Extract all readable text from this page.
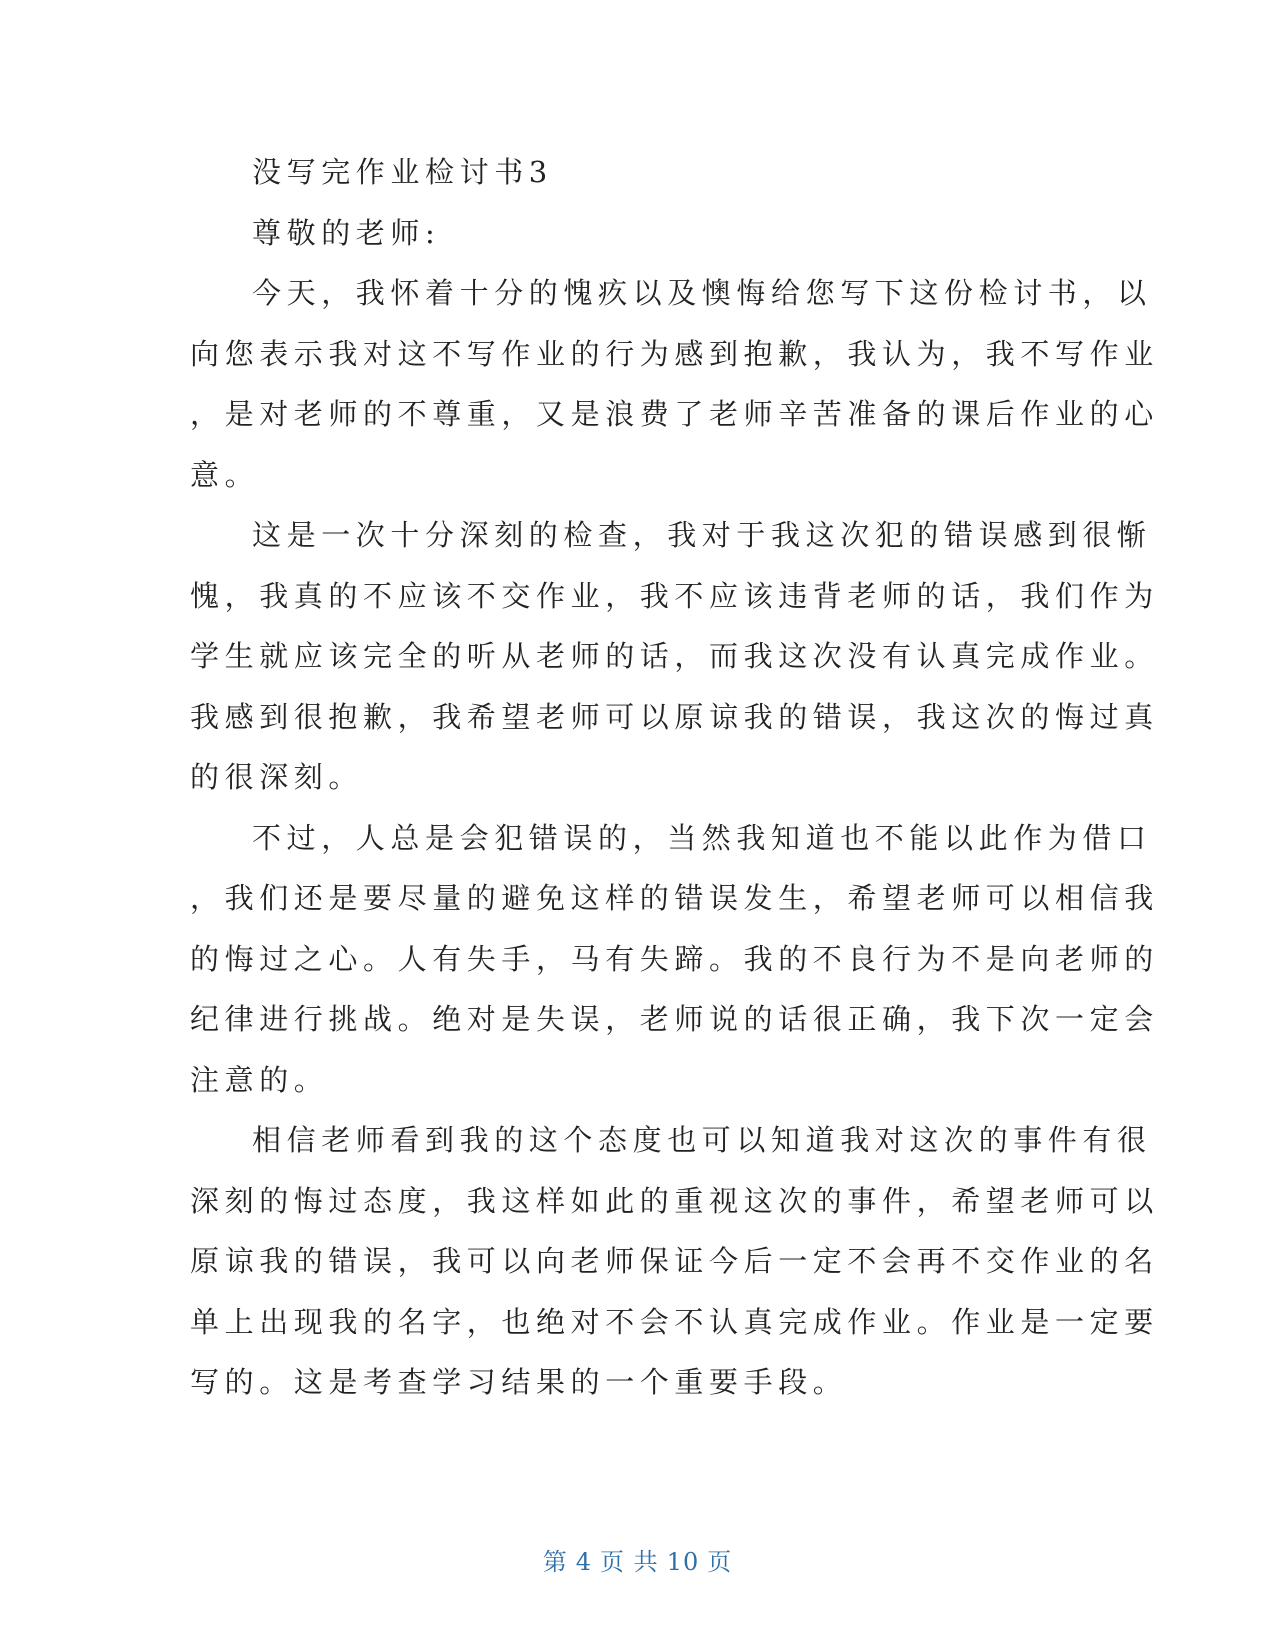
没写完作业检讨书3
尊敬的老师:
今天，我怀着十分的愧疚以及懊悔给您写下这份检讨书，以
向您表示我对这不写作业的行为感到抱歉，我认为，我不写作业
，是对老师的不尊重，又是浪费了老师辛苦准备的课后作业的心
意。
这是一次十分深刻的检查，我对于我这次犯的错误感到很惭
愧，我真的不应该不交作业，我不应该违背老师的话，我们作为
学生就应该完全的听从老师的话，而我这次没有认真完成作业。
我感到很抱歉，我希望老师可以原谅我的错误，我这次的悔过真
的很深刻。
不过，人总是会犯错误的，当然我知道也不能以此作为借口
，我们还是要尽量的避免这样的错误发生，希望老师可以相信我
的悔过之心。人有失手，马有失蹄。我的不良行为不是向老师的
纪律进行挑战。绝对是失误，老师说的话很正确，我下次一定会
注意的。
相信老师看到我的这个态度也可以知道我对这次的事件有很
深刻的悔过态度，我这样如此的重视这次的事件，希望老师可以
原谅我的错误，我可以向老师保证今后一定不会再不交作业的名
单上出现我的名字，也绝对不会不认真完成作业。作业是一定要
写的。这是考查学习结果的一个重要手段。
第 4 页 共 10 页
